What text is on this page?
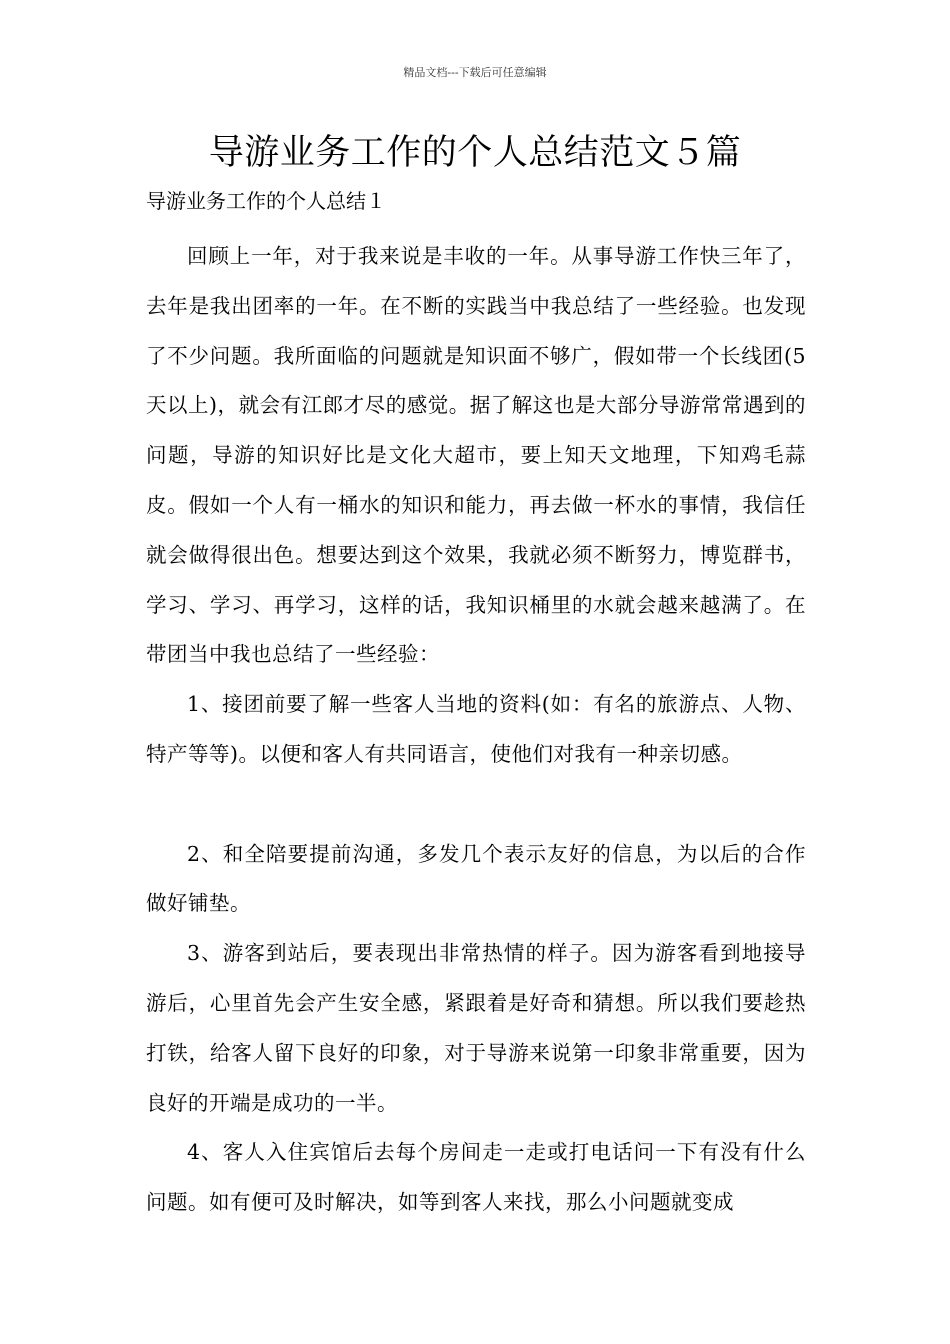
精品文档---下载后可任意编辑
导游业务工作的个人总结范文５篇
导游业务工作的个人总结１

回顾上一年，对于我来说是丰收的一年。从事导游工作快三年了，去年是我出团率的一年。在不断的实践当中我总结了一些经验。也发现了不少问题。我所面临的问题就是知识面不够广，假如带一个长线团(5天以上)，就会有江郎才尽的感觉。据了解这也是大部分导游常常遇到的问题，导游的知识好比是文化大超市，要上知天文地理，下知鸡毛蒜皮。假如一个人有一桶水的知识和能力，再去做一杯水的事情，我信任就会做得很出色。想要达到这个效果，我就必须不断努力，博览群书，学习、学习、再学习，这样的话，我知识桶里的水就会越来越满了。在带团当中我也总结了一些经验：

1、接团前要了解一些客人当地的资料(如：有名的旅游点、人物、特产等等)。以便和客人有共同语言，使他们对我有一种亲切感。

2、和全陪要提前沟通，多发几个表示友好的信息，为以后的合作做好铺垫。

3、游客到站后，要表现出非常热情的样子。因为游客看到地接导游后，心里首先会产生安全感，紧跟着是好奇和猜想。所以我们要趁热打铁，给客人留下良好的印象，对于导游来说第一印象非常重要，因为良好的开端是成功的一半。

4、客人入住宾馆后去每个房间走一走或打电话问一下有没有什么问题。如有便可及时解决，如等到客人来找，那么小问题就变成
